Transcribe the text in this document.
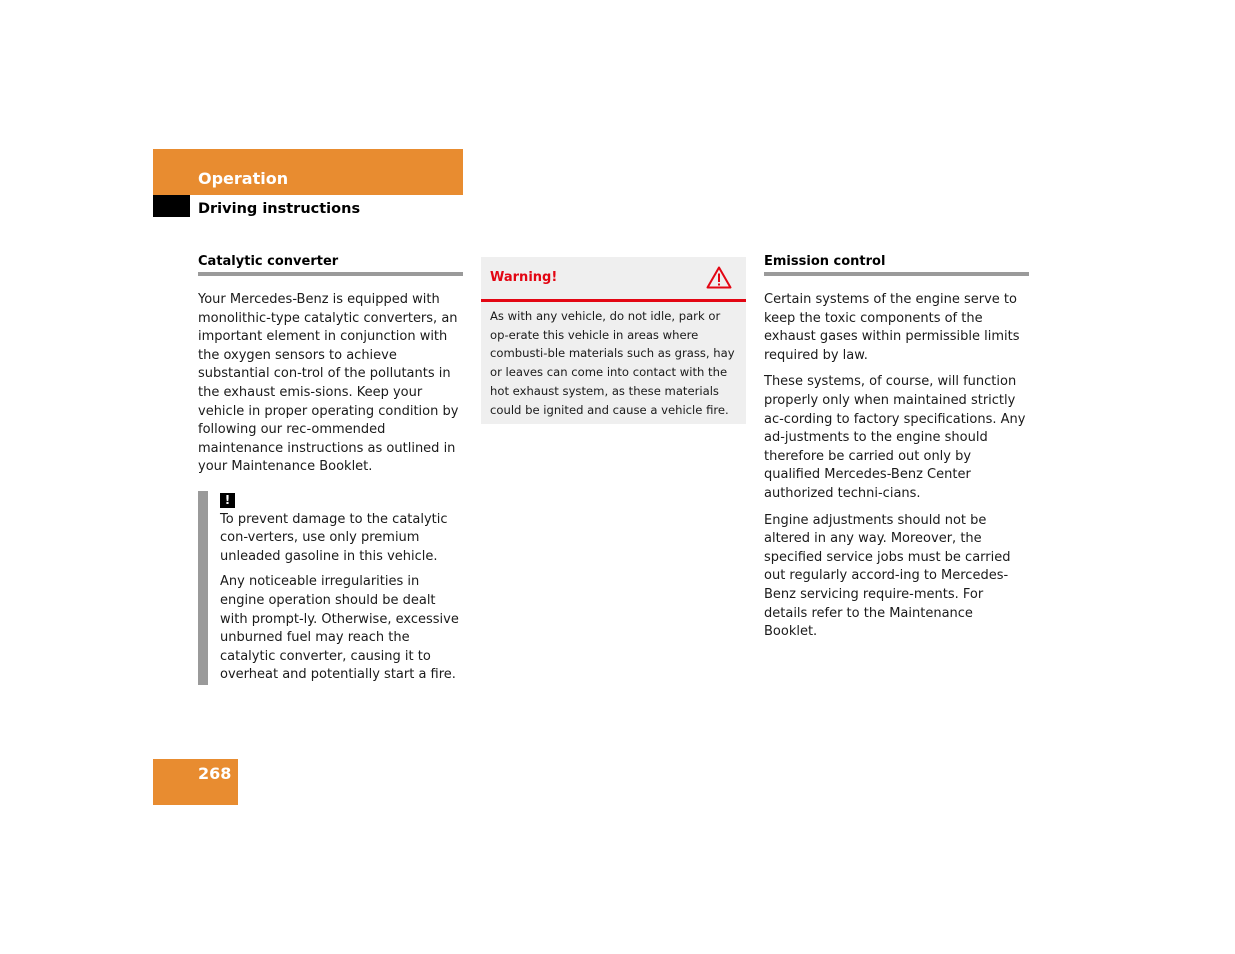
Operation
Driving instructions
Catalytic converter

Your Mercedes-Benz is equipped with monolithic-type catalytic converters, an important element in conjunction with the oxygen sensors to achieve substantial con-trol of the pollutants in the exhaust emis-sions. Keep your vehicle in proper operating condition by following our rec-ommended maintenance instructions as outlined in your Maintenance Booklet.

!

To prevent damage to the catalytic con-verters, use only premium unleaded gasoline in this vehicle.

Any noticeable irregularities in engine operation should be dealt with prompt-ly. Otherwise, excessive unburned fuel may reach the catalytic converter, causing it to overheat and potentially start a fire.

Warning!
As with any vehicle, do not idle, park or op-erate this vehicle in areas where combusti-ble materials such as grass, hay or leaves can come into contact with the hot exhaust system, as these materials could be ignited and cause a vehicle fire.
Emission control

Certain systems of the engine serve to keep the toxic components of the exhaust gases within permissible limits required by law.

These systems, of course, will function properly only when maintained strictly ac-cording to factory specifications. Any ad-justments to the engine should therefore be carried out only by qualified Mercedes-Benz Center authorized techni-cians.

Engine adjustments should not be altered in any way. Moreover, the specified service jobs must be carried out regularly accord-ing to Mercedes-Benz servicing require-ments. For details refer to the Maintenance Booklet.

268
